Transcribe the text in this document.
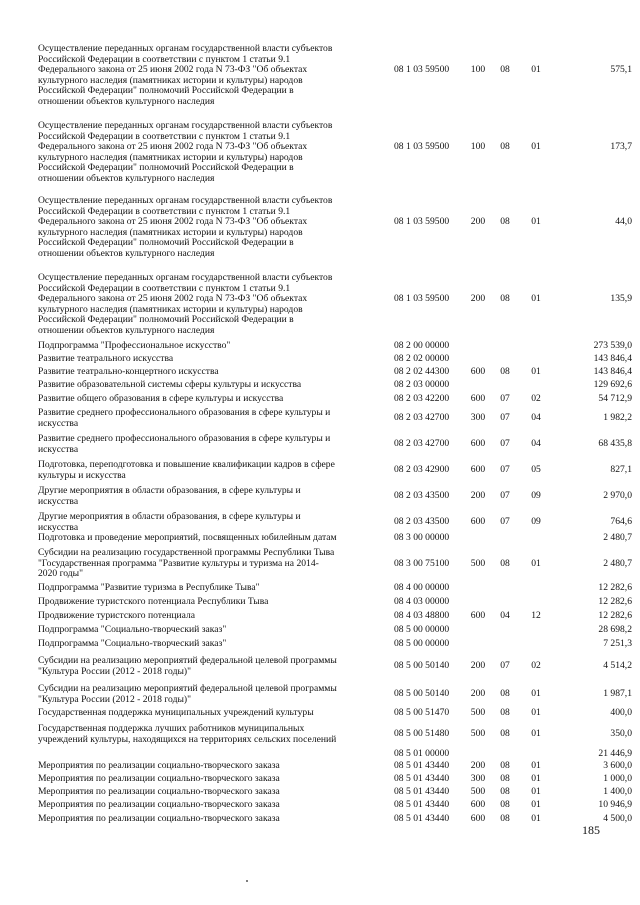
Осуществление переданных органам государственной власти субъектов
Российской Федерации в соответствии с пунктом 1 статьи 9.1
Федерального закона от 25 июня 2002 года N 73-ФЗ "Об объектах
культурного наследия (памятниках истории и культуры) народов
Российской Федерации" полномочий Российской Федерации в
отношении объектов культурного наследия
08 1 03 59500	100	08	01	575,1
Осуществление переданных органам государственной власти субъектов
Российской Федерации в соответствии с пунктом 1 статьи 9.1
Федерального закона от 25 июня 2002 года N 73-ФЗ "Об объектах
культурного наследия (памятниках истории и культуры) народов
Российской Федерации" полномочий Российской Федерации в
отношении объектов культурного наследия
08 1 03 59500	100	08	01	173,7
Осуществление переданных органам государственной власти субъектов
Российской Федерации в соответствии с пунктом 1 статьи 9.1
Федерального закона от 25 июня 2002 года N 73-ФЗ "Об объектах
культурного наследия (памятниках истории и культуры) народов
Российской Федерации" полномочий Российской Федерации в
отношении объектов культурного наследия
08 1 03 59500	200	08	01	44,0
Осуществление переданных органам государственной власти субъектов
Российской Федерации в соответствии с пунктом 1 статьи 9.1
Федерального закона от 25 июня 2002 года N 73-ФЗ "Об объектах
культурного наследия (памятниках истории и культуры) народов
Российской Федерации" полномочий Российской Федерации в
отношении объектов культурного наследия
08 1 03 59500	200	08	01	135,9
Подпрограмма "Профессиональное искусство"	08 2 00 00000	273 539,0
Развитие театрального искусства	08 2 02 00000	143 846,4
Развитие театрально-концертного искусства	08 2 02 44300	600	08	01	143 846,4
Развитие образовательной системы сферы культуры и искусства	08 2 03 00000	129 692,6
Развитие общего образования в сфере культуры и искусства	08 2 03 42200	600	07	02	54 712,9
Развитие среднего профессионального образования в сфере культуры и
искусства	08 2 03 42700	300	07	04	1 982,2
Развитие среднего профессионального образования в сфере культуры и
искусства	08 2 03 42700	600	07	04	68 435,8
Подготовка, переподготовка и повышение квалификации кадров в сфере
культуры и искусства	08 2 03 42900	600	07	05	827,1
Другие мероприятия в области образования, в сфере культуры и
искусства	08 2 03 43500	200	07	09	2 970,0
Другие мероприятия в области образования, в сфере культуры и
искусства	08 2 03 43500	600	07	09	764,6
Подготовка и проведение мероприятий, посвященных юбилейным датам	08 3 00 00000	2 480,7
Субсидии на реализацию государственной программы Республики Тыва
"Государственная программа "Развитие культуры и туризма на 2014-
2020 годы"
08 3 00 75100	500	08	01	2 480,7
Подпрограмма "Развитие туризма в Республике Тыва"	08 4 00 00000	12 282,6
Продвижение туристского потенциала Республики Тыва	08 4 03 00000	12 282,6
Продвижение туристского потенциала	08 4 03 48800	600	04	12	12 282,6
Подпрограмма "Социально-творческий заказ"	08 5 00 00000	28 698,2
Подпрограмма "Социально-творческий заказ"	08 5 00 00000	7 251,3
Субсидии на реализацию мероприятий федеральной целевой программы
"Культура России (2012 - 2018 годы)"	08 5 00 50140	200	07	02	4 514,2
Субсидии на реализацию мероприятий федеральной целевой программы
"Культура России (2012 - 2018 годы)"	08 5 00 50140	200	08	01	1 987,1
Государственная поддержка муниципальных учреждений культуры	08 5 00 51470	500	08	01	400,0
Государственная поддержка лучших работников муниципальных
учреждений культуры, находящихся на территориях сельских поселений	08 5 00 51480	500	08	01	350,0
08 5 01 00000	21 446,9
Мероприятия по реализации социально-творческого заказа	08 5 01 43440	200	08	01	3 600,0
Мероприятия по реализации социально-творческого заказа	08 5 01 43440	300	08	01	1 000,0
Мероприятия по реализации социально-творческого заказа	08 5 01 43440	500	08	01	1 400,0
Мероприятия по реализации социально-творческого заказа	08 5 01 43440	600	08	01	10 946,9
Мероприятия по реализации социально-творческого заказа	08 5 01 43440	600	08	01	4 500,0
185
